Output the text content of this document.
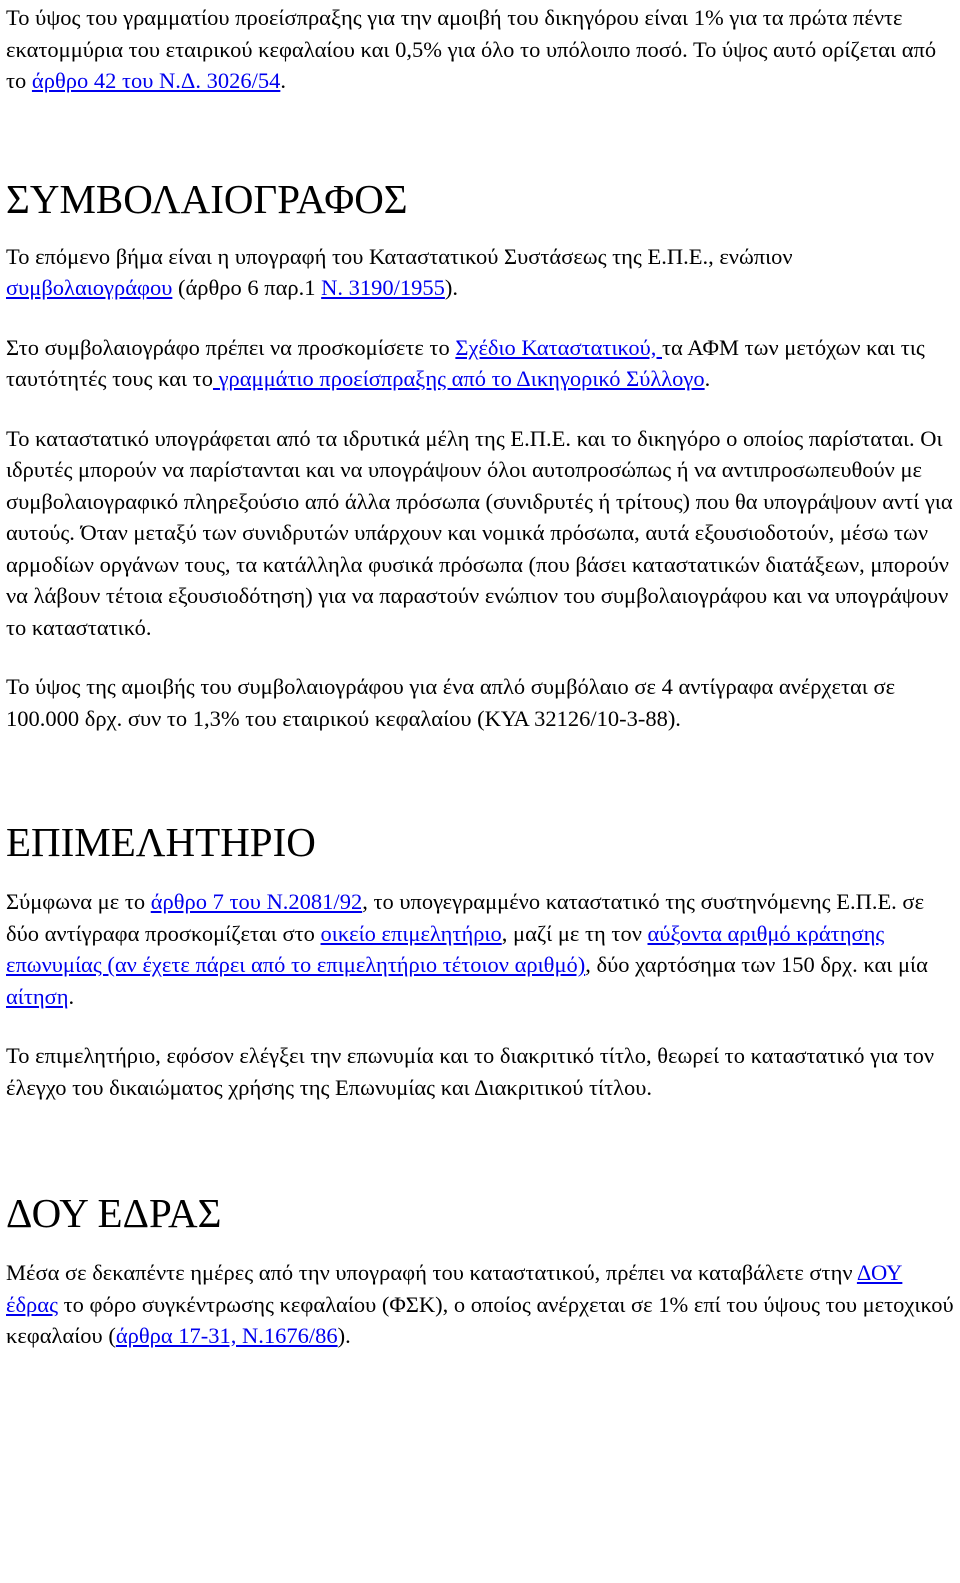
Το ύψος του γραμματίου προείσπραξης για την αμοιβή του δικηγόρου είναι 1% για τα πρώτα πέντε εκατομμύρια του εταιρικού κεφαλαίου και 0,5% για όλο το υπόλοιπο ποσό. Το ύψος αυτό ορίζεται από το άρθρο 42 του Ν.Δ. 3026/54.

ΣΥΜΒΟΛΑΙΟΓΡΑΦΟΣ

Το επόμενο βήμα είναι η υπογραφή του Καταστατικού Συστάσεως της Ε.Π.Ε., ενώπιον συμβολαιογράφου (άρθρο 6 παρ.1 Ν. 3190/1955).

Στο συμβολαιογράφο πρέπει να προσκομίσετε το Σχέδιο Καταστατικού, τα ΑΦΜ των μετόχων και τις ταυτότητές τους και το γραμμάτιο προείσπραξης από το Δικηγορικό Σύλλογο.

Το καταστατικό υπογράφεται από τα ιδρυτικά μέλη της Ε.Π.Ε. και το δικηγόρο ο οποίος παρίσταται. Οι ιδρυτές μπορούν να παρίστανται και να υπογράψουν όλοι αυτοπροσώπως ή να αντιπροσωπευθούν με συμβολαιογραφικό πληρεξούσιο από άλλα πρόσωπα (συνιδρυτές ή τρίτους) που θα υπογράψουν αντί για αυτούς. Όταν μεταξύ των συνιδρυτών υπάρχουν και νομικά πρόσωπα, αυτά εξουσιοδοτούν, μέσω των αρμοδίων οργάνων τους, τα κατάλληλα φυσικά πρόσωπα (που βάσει καταστατικών διατάξεων, μπορούν να λάβουν τέτοια εξουσιοδότηση) για να παραστούν ενώπιον του συμβολαιογράφου και να υπογράψουν το καταστατικό.

Το ύψος της αμοιβής του συμβολαιογράφου για ένα απλό συμβόλαιο σε 4 αντίγραφα ανέρχεται σε 100.000 δρχ. συν το 1,3% του εταιρικού κεφαλαίου (ΚΥΑ 32126/10-3-88).

ΕΠΙΜΕΛΗΤΗΡΙΟ

Σύμφωνα με το άρθρο 7 του Ν.2081/92, το υπογεγραμμένο καταστατικό της συστηνόμενης Ε.Π.Ε. σε δύο αντίγραφα προσκομίζεται στο οικείο επιμελητήριο, μαζί με τη τον αύξοντα αριθμό κράτησης επωνυμίας (αν έχετε πάρει από το επιμελητήριο τέτοιον αριθμό), δύο χαρτόσημα των 150 δρχ. και μία αίτηση.

Το επιμελητήριο, εφόσον ελέγξει την επωνυμία και το διακριτικό τίτλο, θεωρεί το καταστατικό για τον έλεγχο του δικαιώματος χρήσης της Επωνυμίας και Διακριτικού τίτλου.

ΔΟΥ ΕΔΡΑΣ

Μέσα σε δεκαπέντε ημέρες από την υπογραφή του καταστατικού, πρέπει να καταβάλετε στην ΔΟΥ έδρας το φόρο συγκέντρωσης κεφαλαίου (ΦΣΚ), ο οποίος ανέρχεται σε 1% επί του ύψους του μετοχικού κεφαλαίου (άρθρα 17-31, Ν.1676/86).
